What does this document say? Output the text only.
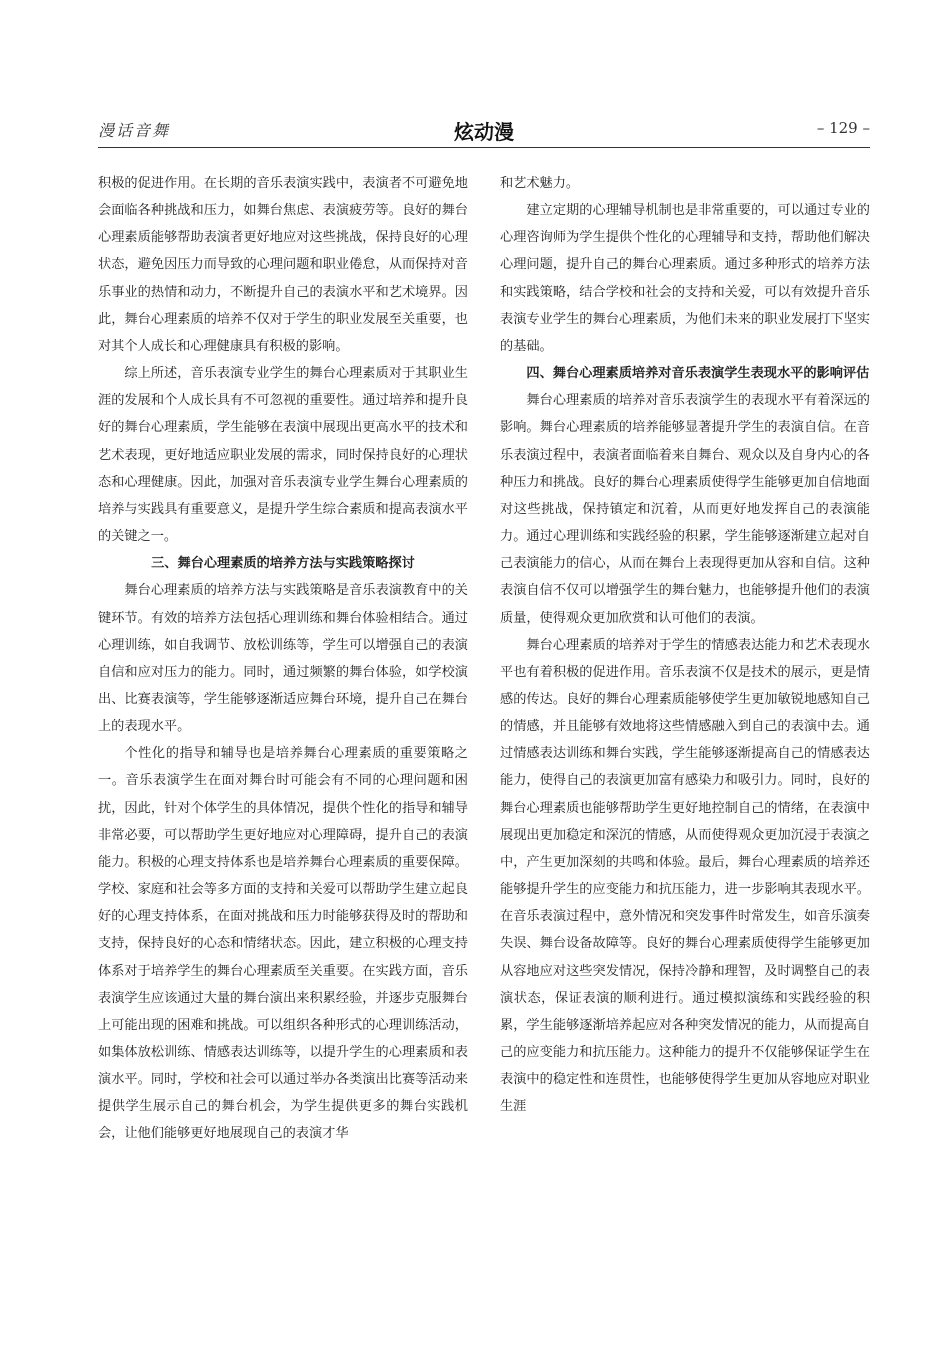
漫话音舞	炫动漫	– 129 –

积极的促进作用。在长期的音乐表演实践中，表演者不可避免地会面临各种挑战和压力，如舞台焦虑、表演疲劳等。良好的舞台心理素质能够帮助表演者更好地应对这些挑战，保持良好的心理状态，避免因压力而导致的心理问题和职业倦怠，从而保持对音乐事业的热情和动力，不断提升自己的表演水平和艺术境界。因此，舞台心理素质的培养不仅对于学生的职业发展至关重要，也对其个人成长和心理健康具有积极的影响。

综上所述，音乐表演专业学生的舞台心理素质对于其职业生涯的发展和个人成长具有不可忽视的重要性。通过培养和提升良好的舞台心理素质，学生能够在表演中展现出更高水平的技术和艺术表现，更好地适应职业发展的需求，同时保持良好的心理状态和心理健康。因此，加强对音乐表演专业学生舞台心理素质的培养与实践具有重要意义，是提升学生综合素质和提高表演水平的关键之一。

三、舞台心理素质的培养方法与实践策略探讨

舞台心理素质的培养方法与实践策略是音乐表演教育中的关键环节。有效的培养方法包括心理训练和舞台体验相结合。通过心理训练，如自我调节、放松训练等，学生可以增强自己的表演自信和应对压力的能力。同时，通过频繁的舞台体验，如学校演出、比赛表演等，学生能够逐渐适应舞台环境，提升自己在舞台上的表现水平。

个性化的指导和辅导也是培养舞台心理素质的重要策略之一。音乐表演学生在面对舞台时可能会有不同的心理问题和困扰，因此，针对个体学生的具体情况，提供个性化的指导和辅导非常必要，可以帮助学生更好地应对心理障碍，提升自己的表演能力。积极的心理支持体系也是培养舞台心理素质的重要保障。学校、家庭和社会等多方面的支持和关爱可以帮助学生建立起良好的心理支持体系，在面对挑战和压力时能够获得及时的帮助和支持，保持良好的心态和情绪状态。因此，建立积极的心理支持体系对于培养学生的舞台心理素质至关重要。在实践方面，音乐表演学生应该通过大量的舞台演出来积累经验，并逐步克服舞台上可能出现的困难和挑战。可以组织各种形式的心理训练活动，如集体放松训练、情感表达训练等，以提升学生的心理素质和表演水平。同时，学校和社会可以通过举办各类演出比赛等活动来提供学生展示自己的舞台机会，为学生提供更多的舞台实践机会，让他们能够更好地展现自己的表演才华

和艺术魅力。

建立定期的心理辅导机制也是非常重要的，可以通过专业的心理咨询师为学生提供个性化的心理辅导和支持，帮助他们解决心理问题，提升自己的舞台心理素质。通过多种形式的培养方法和实践策略，结合学校和社会的支持和关爱，可以有效提升音乐表演专业学生的舞台心理素质，为他们未来的职业发展打下坚实的基础。

四、舞台心理素质培养对音乐表演学生表现水平的影响评估

舞台心理素质的培养对音乐表演学生的表现水平有着深远的影响。舞台心理素质的培养能够显著提升学生的表演自信。在音乐表演过程中，表演者面临着来自舞台、观众以及自身内心的各种压力和挑战。良好的舞台心理素质使得学生能够更加自信地面对这些挑战，保持镇定和沉着，从而更好地发挥自己的表演能力。通过心理训练和实践经验的积累，学生能够逐渐建立起对自己表演能力的信心，从而在舞台上表现得更加从容和自信。这种表演自信不仅可以增强学生的舞台魅力，也能够提升他们的表演质量，使得观众更加欣赏和认可他们的表演。

舞台心理素质的培养对于学生的情感表达能力和艺术表现水平也有着积极的促进作用。音乐表演不仅是技术的展示，更是情感的传达。良好的舞台心理素质能够使学生更加敏锐地感知自己的情感，并且能够有效地将这些情感融入到自己的表演中去。通过情感表达训练和舞台实践，学生能够逐渐提高自己的情感表达能力，使得自己的表演更加富有感染力和吸引力。同时，良好的舞台心理素质也能够帮助学生更好地控制自己的情绪，在表演中展现出更加稳定和深沉的情感，从而使得观众更加沉浸于表演之中，产生更加深刻的共鸣和体验。最后，舞台心理素质的培养还能够提升学生的应变能力和抗压能力，进一步影响其表现水平。在音乐表演过程中，意外情况和突发事件时常发生，如音乐演奏失误、舞台设备故障等。良好的舞台心理素质使得学生能够更加从容地应对这些突发情况，保持冷静和理智，及时调整自己的表演状态，保证表演的顺利进行。通过模拟演练和实践经验的积累，学生能够逐渐培养起应对各种突发情况的能力，从而提高自己的应变能力和抗压能力。这种能力的提升不仅能够保证学生在表演中的稳定性和连贯性，也能够使得学生更加从容地应对职业生涯
